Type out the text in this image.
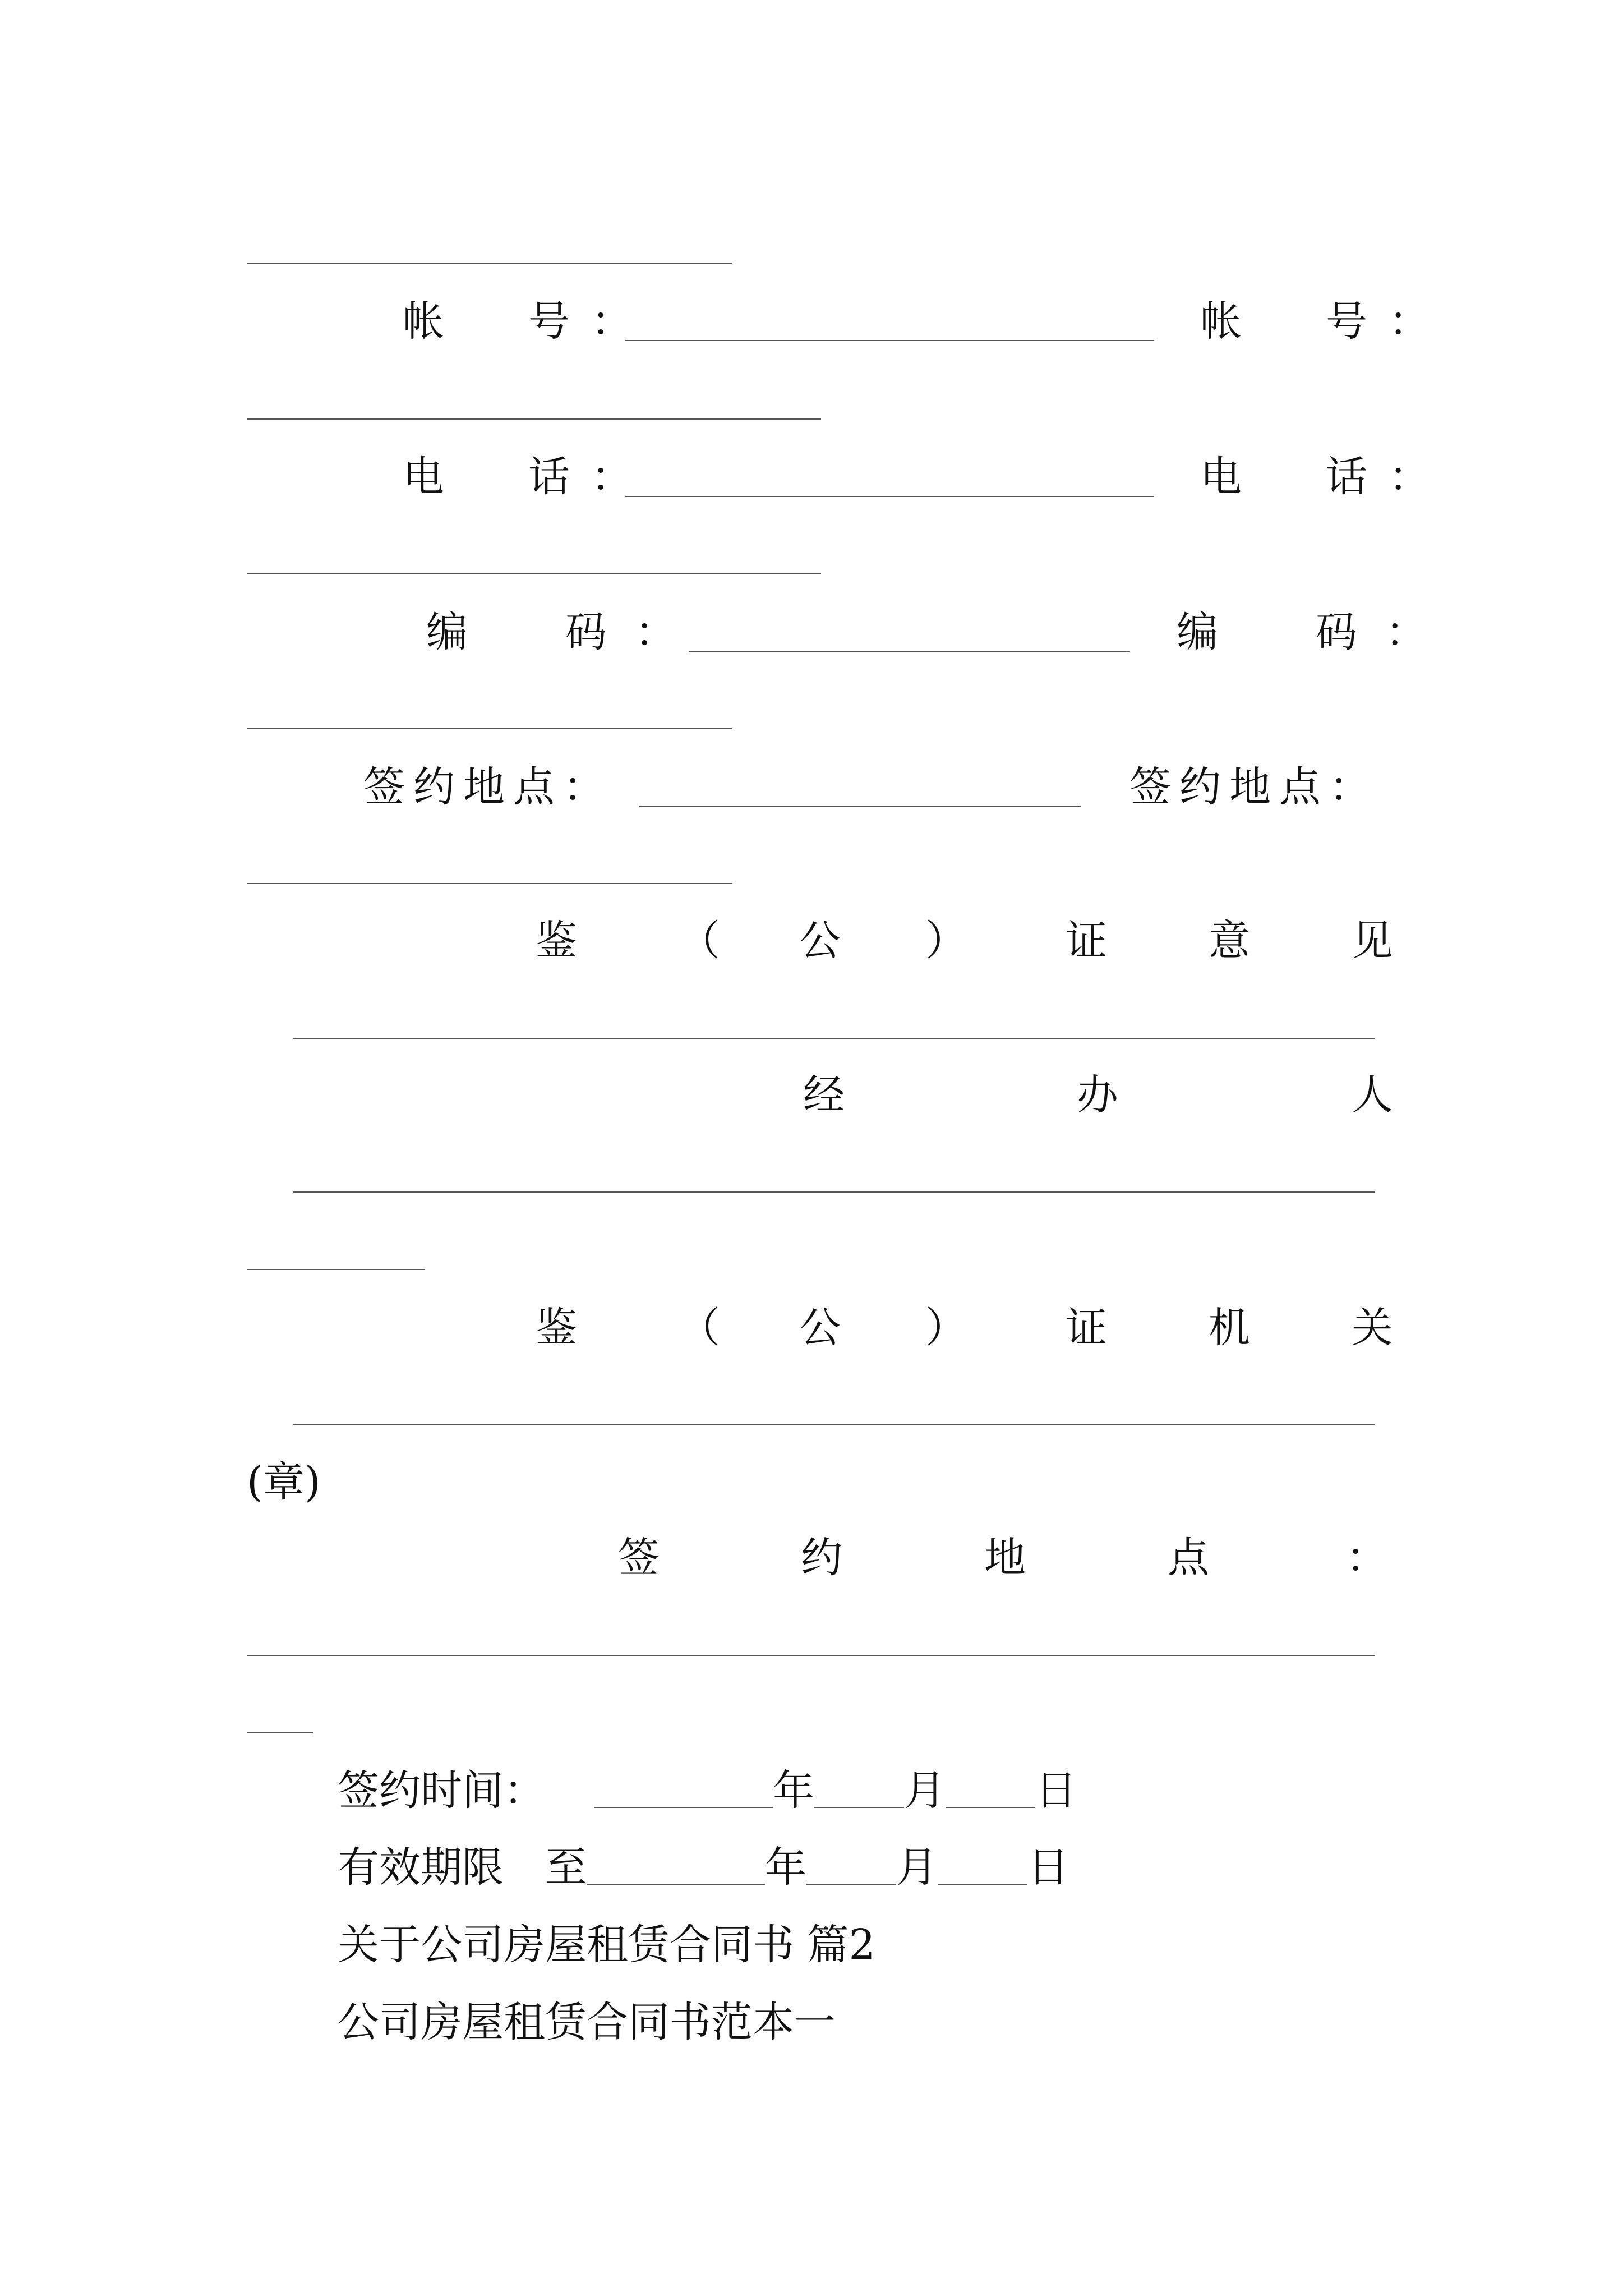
帐　号：	帐　号：
电　话：	电　话：
编　码：	编　码：
签约地点：	签约地点：
鉴 （ 公 ） 证 意 见
经	办	人
鉴 （ 公 ） 证 机 关
(章)
签	约	地	点	：
签约时间：	年 月 日
有效期限　至	年 月 日
关于公司房屋租赁合同书 篇2
公司房屋租赁合同书范本一
